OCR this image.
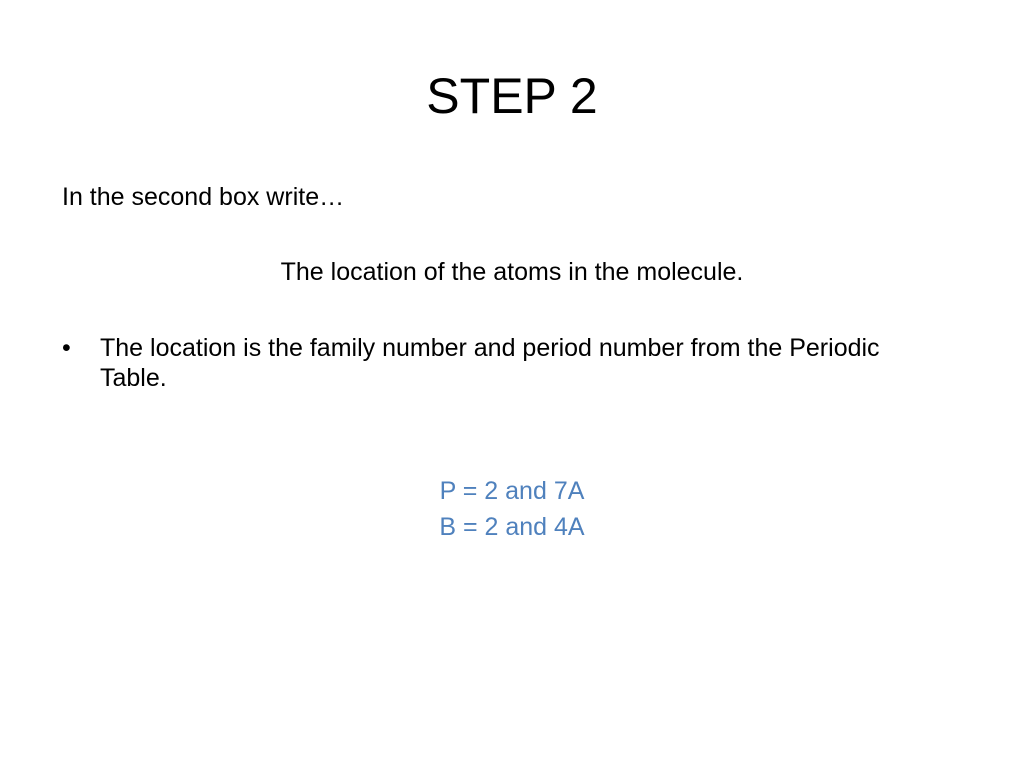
STEP 2
In the second box write…
The location of the atoms in the molecule.
•	The location is the family number and period number from the Periodic Table.
P = 2 and 7A
B = 2 and 4A
